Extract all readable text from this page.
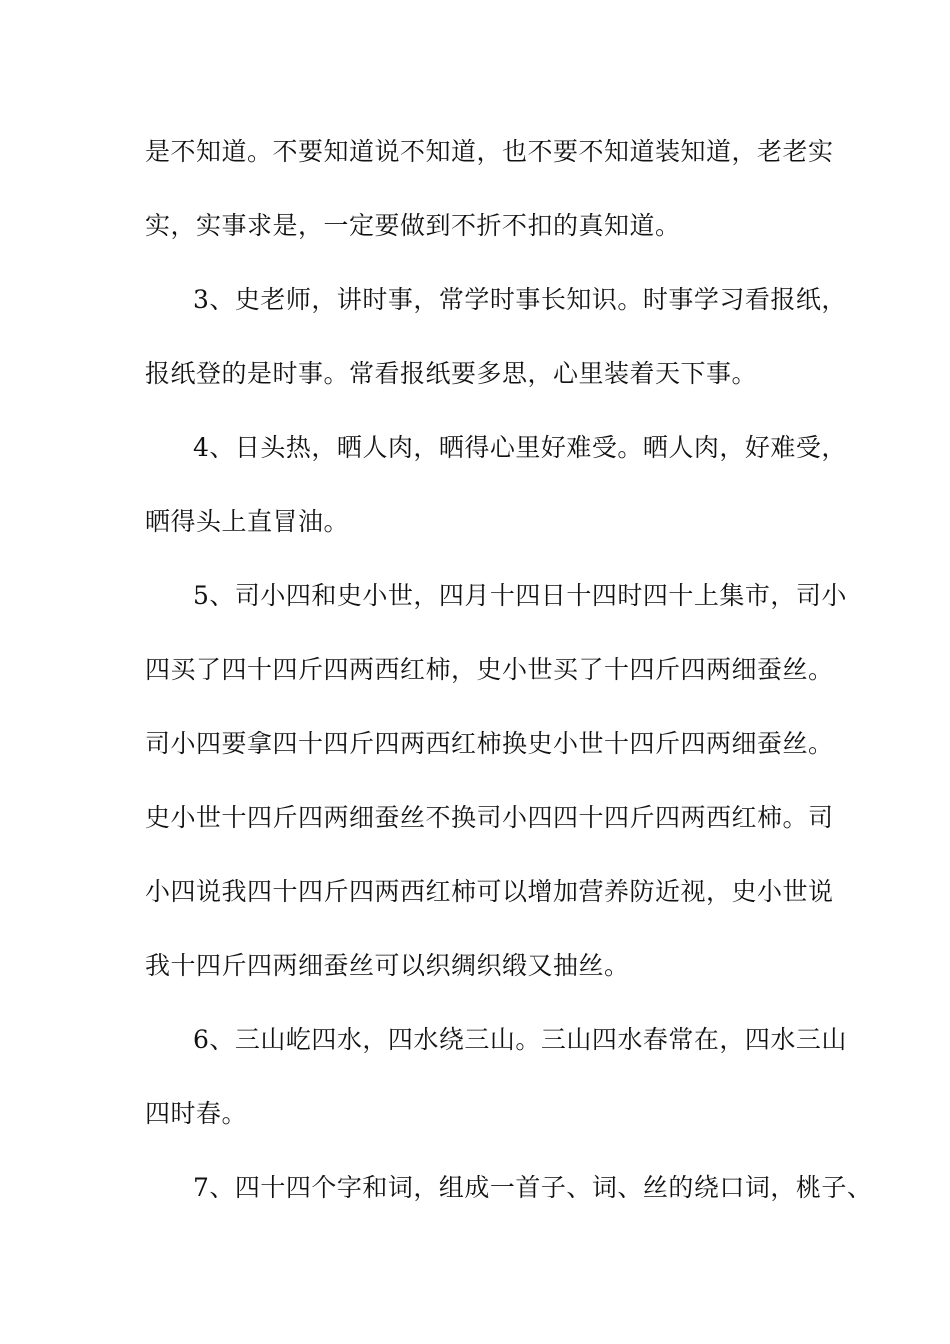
是不知道。不要知道说不知道，也不要不知道装知道，老老实
实，实事求是，一定要做到不折不扣的真知道。
3、史老师，讲时事，常学时事长知识。时事学习看报纸，
报纸登的是时事。常看报纸要多思，心里装着天下事。
4、日头热，晒人肉，晒得心里好难受。晒人肉，好难受，
晒得头上直冒油。
5、司小四和史小世，四月十四日十四时四十上集市，司小
四买了四十四斤四两西红柿，史小世买了十四斤四两细蚕丝。
司小四要拿四十四斤四两西红柿换史小世十四斤四两细蚕丝。
史小世十四斤四两细蚕丝不换司小四四十四斤四两西红柿。司
小四说我四十四斤四两西红柿可以增加营养防近视，史小世说
我十四斤四两细蚕丝可以织绸织缎又抽丝。
6、三山屹四水，四水绕三山。三山四水春常在，四水三山
四时春。
7、四十四个字和词，组成一首子、词、丝的绕口词，桃子、
